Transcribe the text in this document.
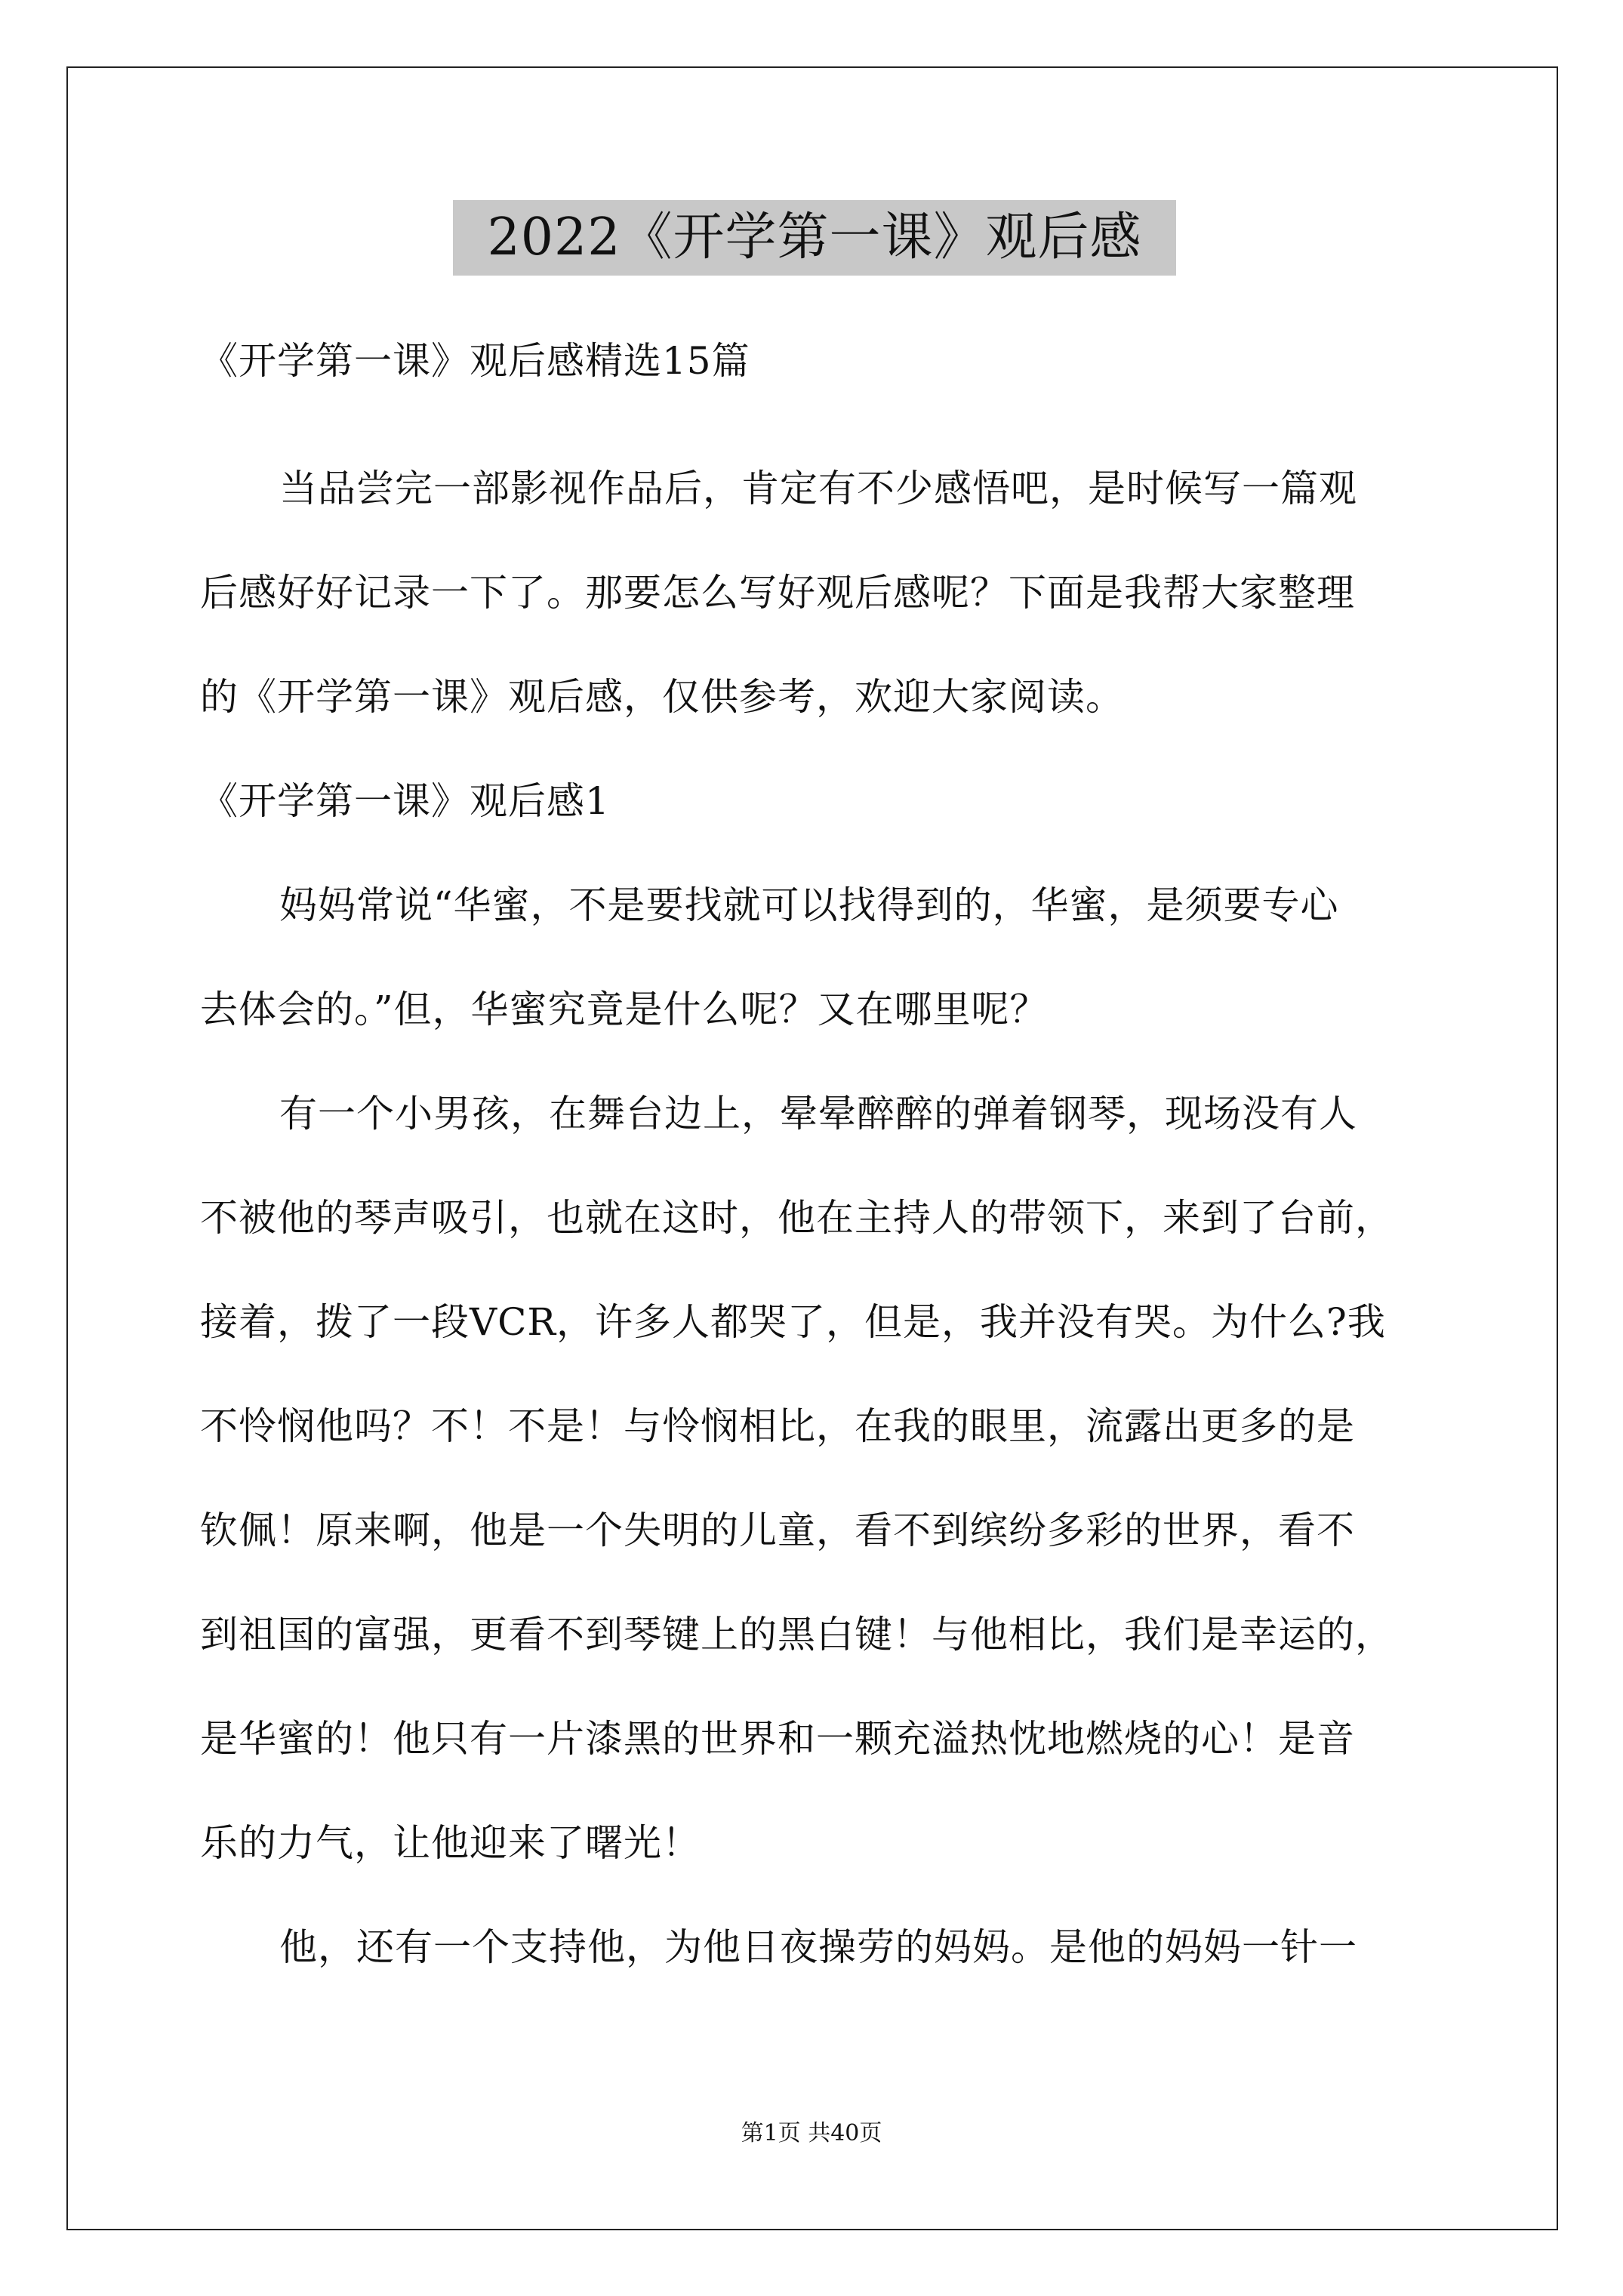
2022《开学第一课》观后感
《开学第一课》观后感精选15篇
当品尝完一部影视作品后，肯定有不少感悟吧，是时候写一篇观
后感好好记录一下了。那要怎么写好观后感呢？下面是我帮大家整理
的《开学第一课》观后感，仅供参考，欢迎大家阅读。
《开学第一课》观后感1
妈妈常说“华蜜，不是要找就可以找得到的，华蜜，是须要专心
去体会的。”但，华蜜究竟是什么呢？又在哪里呢？
有一个小男孩，在舞台边上，晕晕醉醉的弹着钢琴，现场没有人
不被他的琴声吸引，也就在这时，他在主持人的带领下，来到了台前，
接着，拨了一段VCR，许多人都哭了，但是，我并没有哭。为什么?我
不怜悯他吗？不！不是！与怜悯相比，在我的眼里，流露出更多的是
钦佩！原来啊，他是一个失明的儿童，看不到缤纷多彩的世界，看不
到祖国的富强，更看不到琴键上的黑白键！与他相比，我们是幸运的，
是华蜜的！他只有一片漆黑的世界和一颗充溢热忱地燃烧的心！是音
乐的力气，让他迎来了曙光！
他，还有一个支持他，为他日夜操劳的妈妈。是他的妈妈一针一
第1页 共40页
